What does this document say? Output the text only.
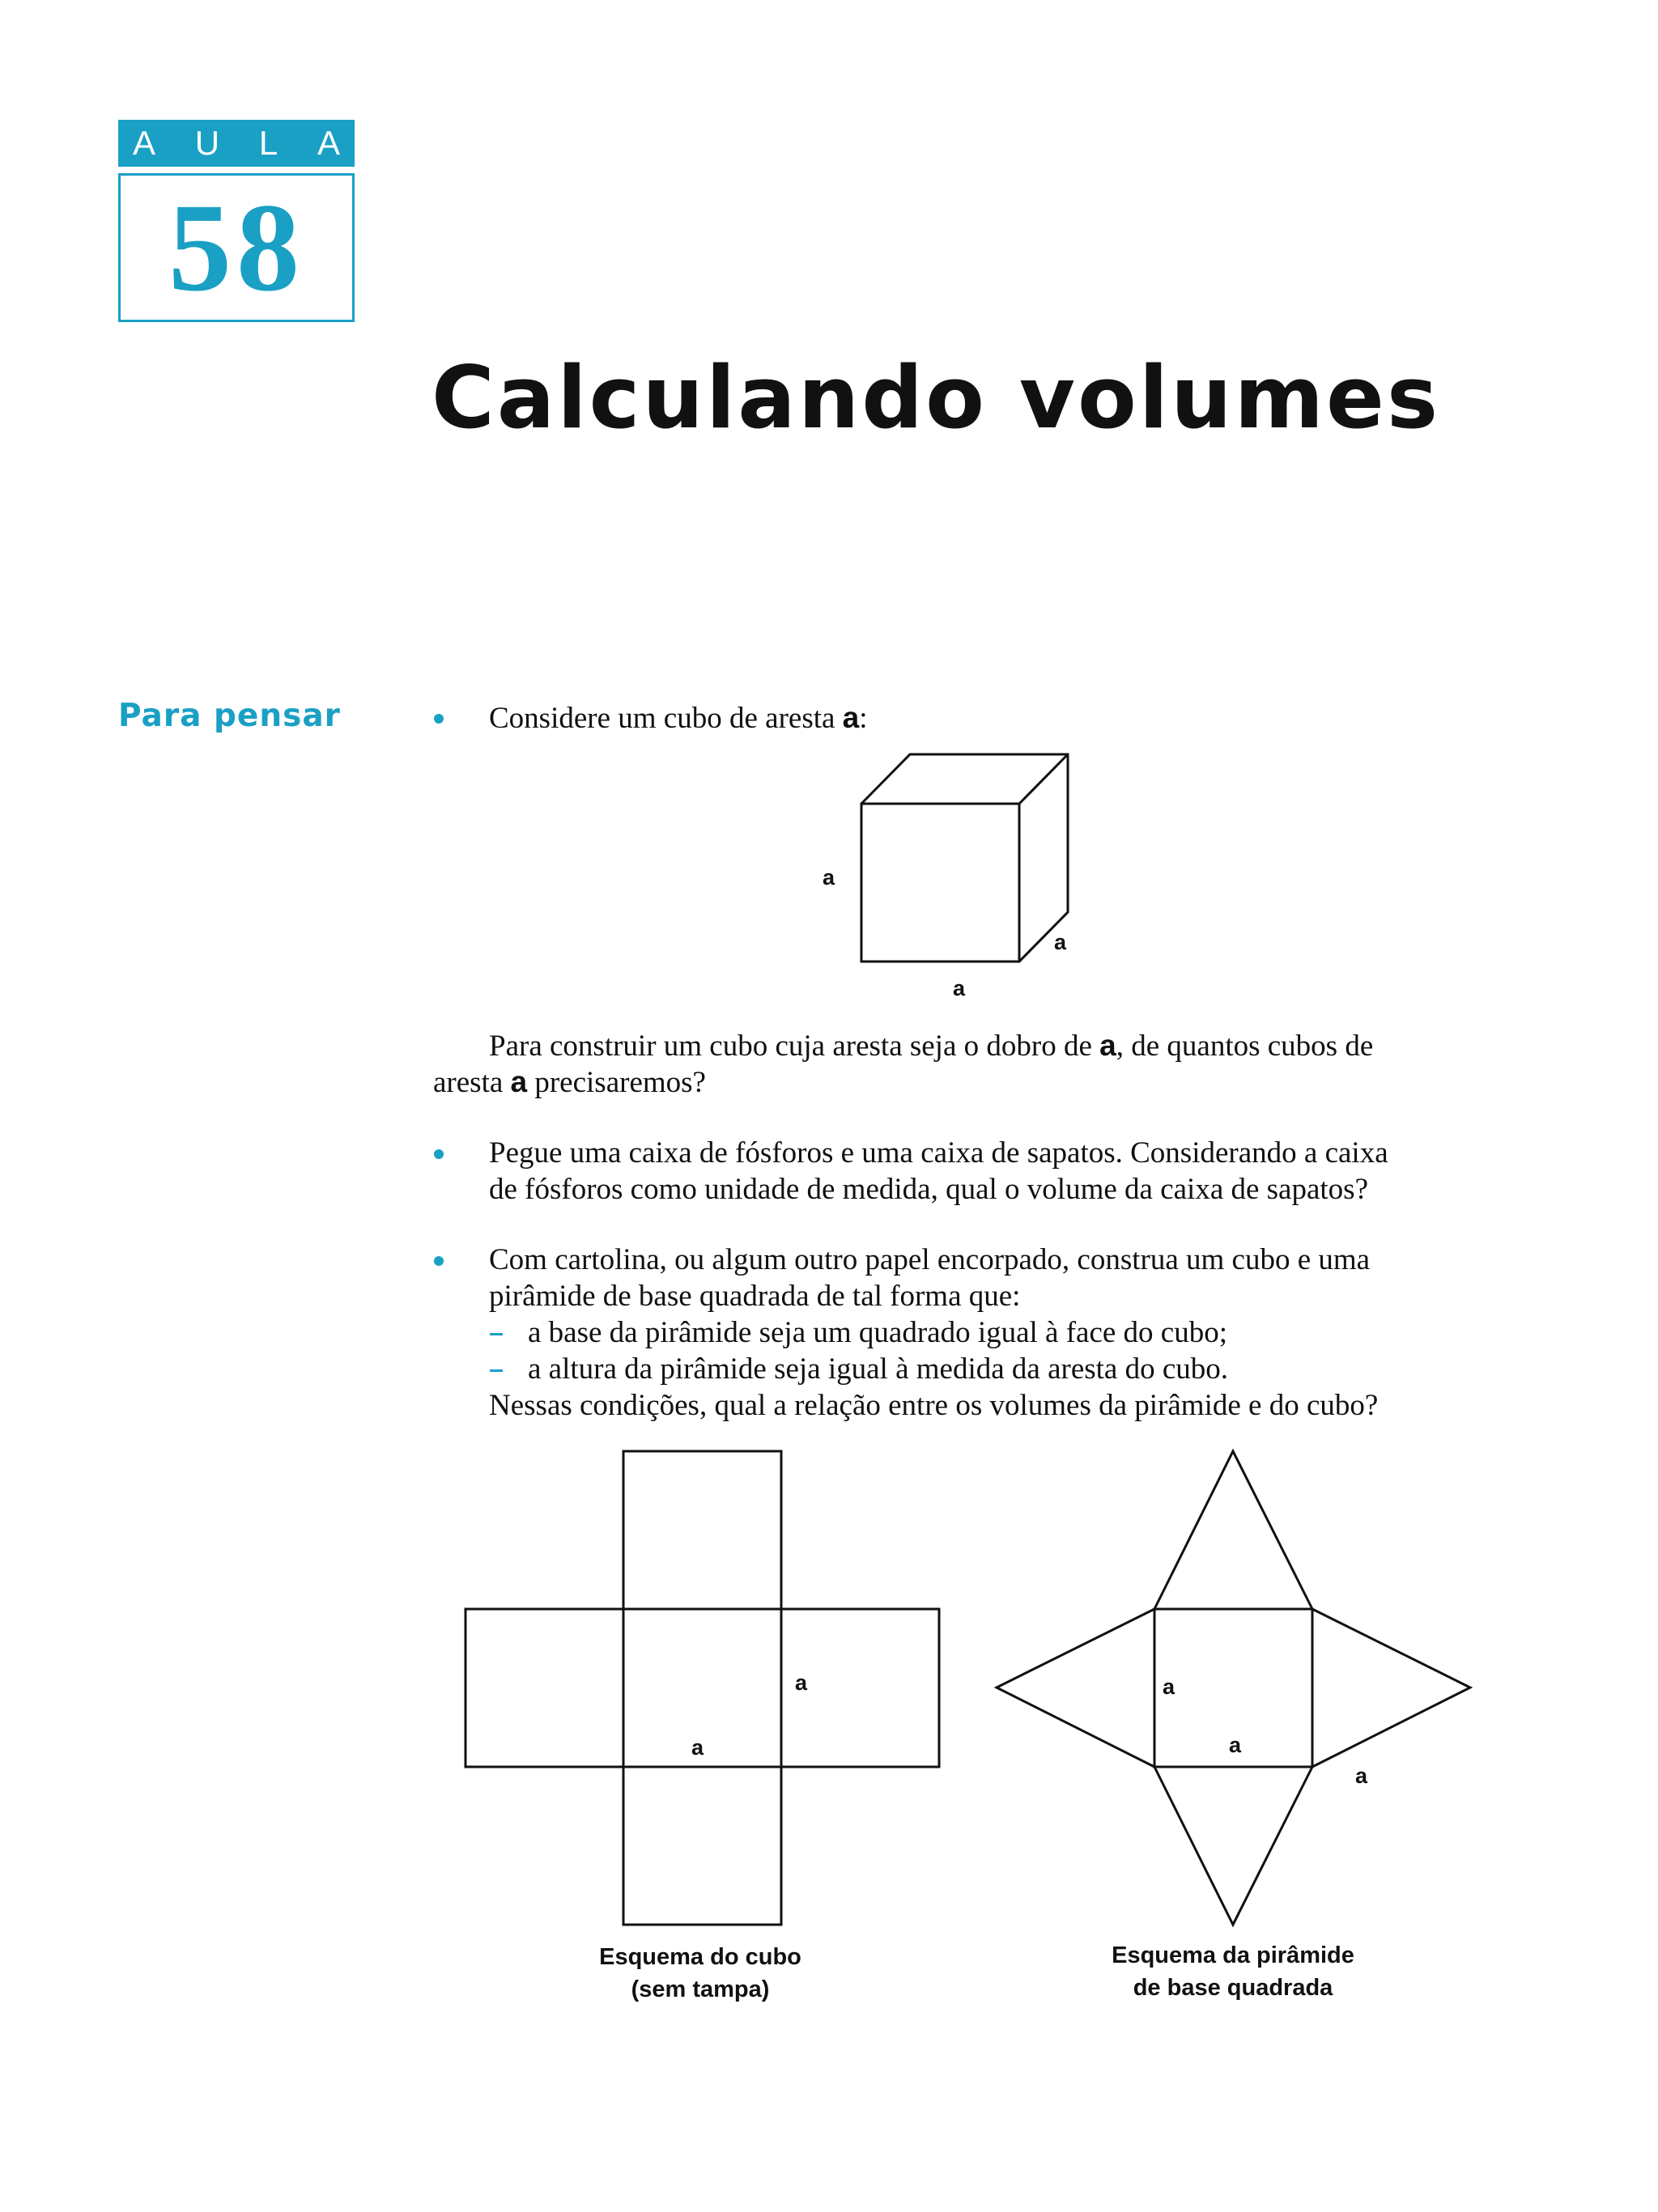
A U L A
58
Calculando volumes
Para pensar	Considere um cubo de aresta a:
Para construir um cubo cuja aresta seja o dobro de a, de quantos cubos de
aresta a precisaremos?
Pegue uma caixa de fósforos e uma caixa de sapatos. Considerando a caixa
de fósforos como unidade de medida, qual o volume da caixa de sapatos?
Com cartolina, ou algum outro papel encorpado, construa um cubo e uma
pirâmide de base quadrada de tal forma que:
a base da pirâmide seja um quadrado igual à face do cubo;
a altura da pirâmide seja igual à medida da aresta do cubo.
Nessas condições, qual a relação entre os volumes da pirâmide e do cubo?
a
a
a
a
a
Esquema do cubo
(sem tampa)
a
a
a
Esquema da pirâmide
de base quadrada
